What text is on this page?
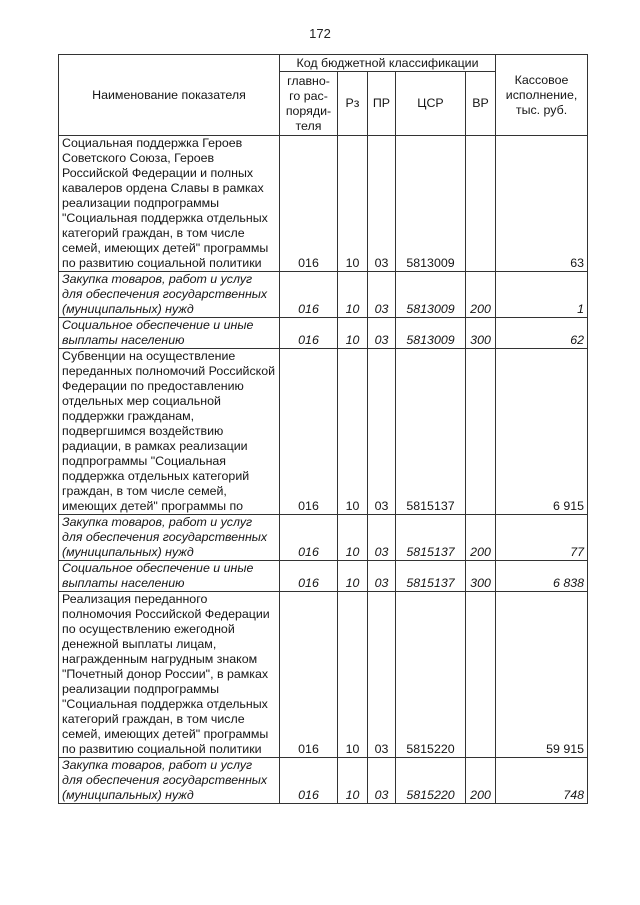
172
Наименование показателя	Код бюджетной классификации					Кассовое исполнение, тыс. руб.
	главно-го рас-поряди-теля	Рз	ПР	ЦСР	ВР	
Социальная поддержка Героев Советского Союза, Героев Российской Федерации и полных кавалеров ордена Славы в рамках реализации подпрограммы "Социальная поддержка отдельных категорий граждан, в том числе семей, имеющих детей" программы по развитию социальной политики	016	10	03	5813009		63
Закупка товаров, работ и услуг для обеспечения государственных (муниципальных) нужд	016	10	03	5813009	200	1
Социальное обеспечение и иные выплаты населению	016	10	03	5813009	300	62
Субвенции на осуществление переданных полномочий Российской Федерации по предоставлению отдельных мер социальной поддержки гражданам, подвергшимся воздействию радиации, в рамках реализации подпрограммы "Социальная поддержка отдельных категорий граждан, в том числе семей, имеющих детей" программы по	016	10	03	5815137		6 915
Закупка товаров, работ и услуг для обеспечения государственных (муниципальных) нужд	016	10	03	5815137	200	77
Социальное обеспечение и иные выплаты населению	016	10	03	5815137	300	6 838
Реализация переданного полномочия Российской Федерации по осуществлению ежегодной денежной выплаты лицам, награжденным нагрудным знаком "Почетный донор России", в рамках реализации подпрограммы "Социальная поддержка отдельных категорий граждан, в том числе семей, имеющих детей" программы по развитию социальной политики	016	10	03	5815220		59 915
Закупка товаров, работ и услуг для обеспечения государственных (муниципальных) нужд	016	10	03	5815220	200	748
